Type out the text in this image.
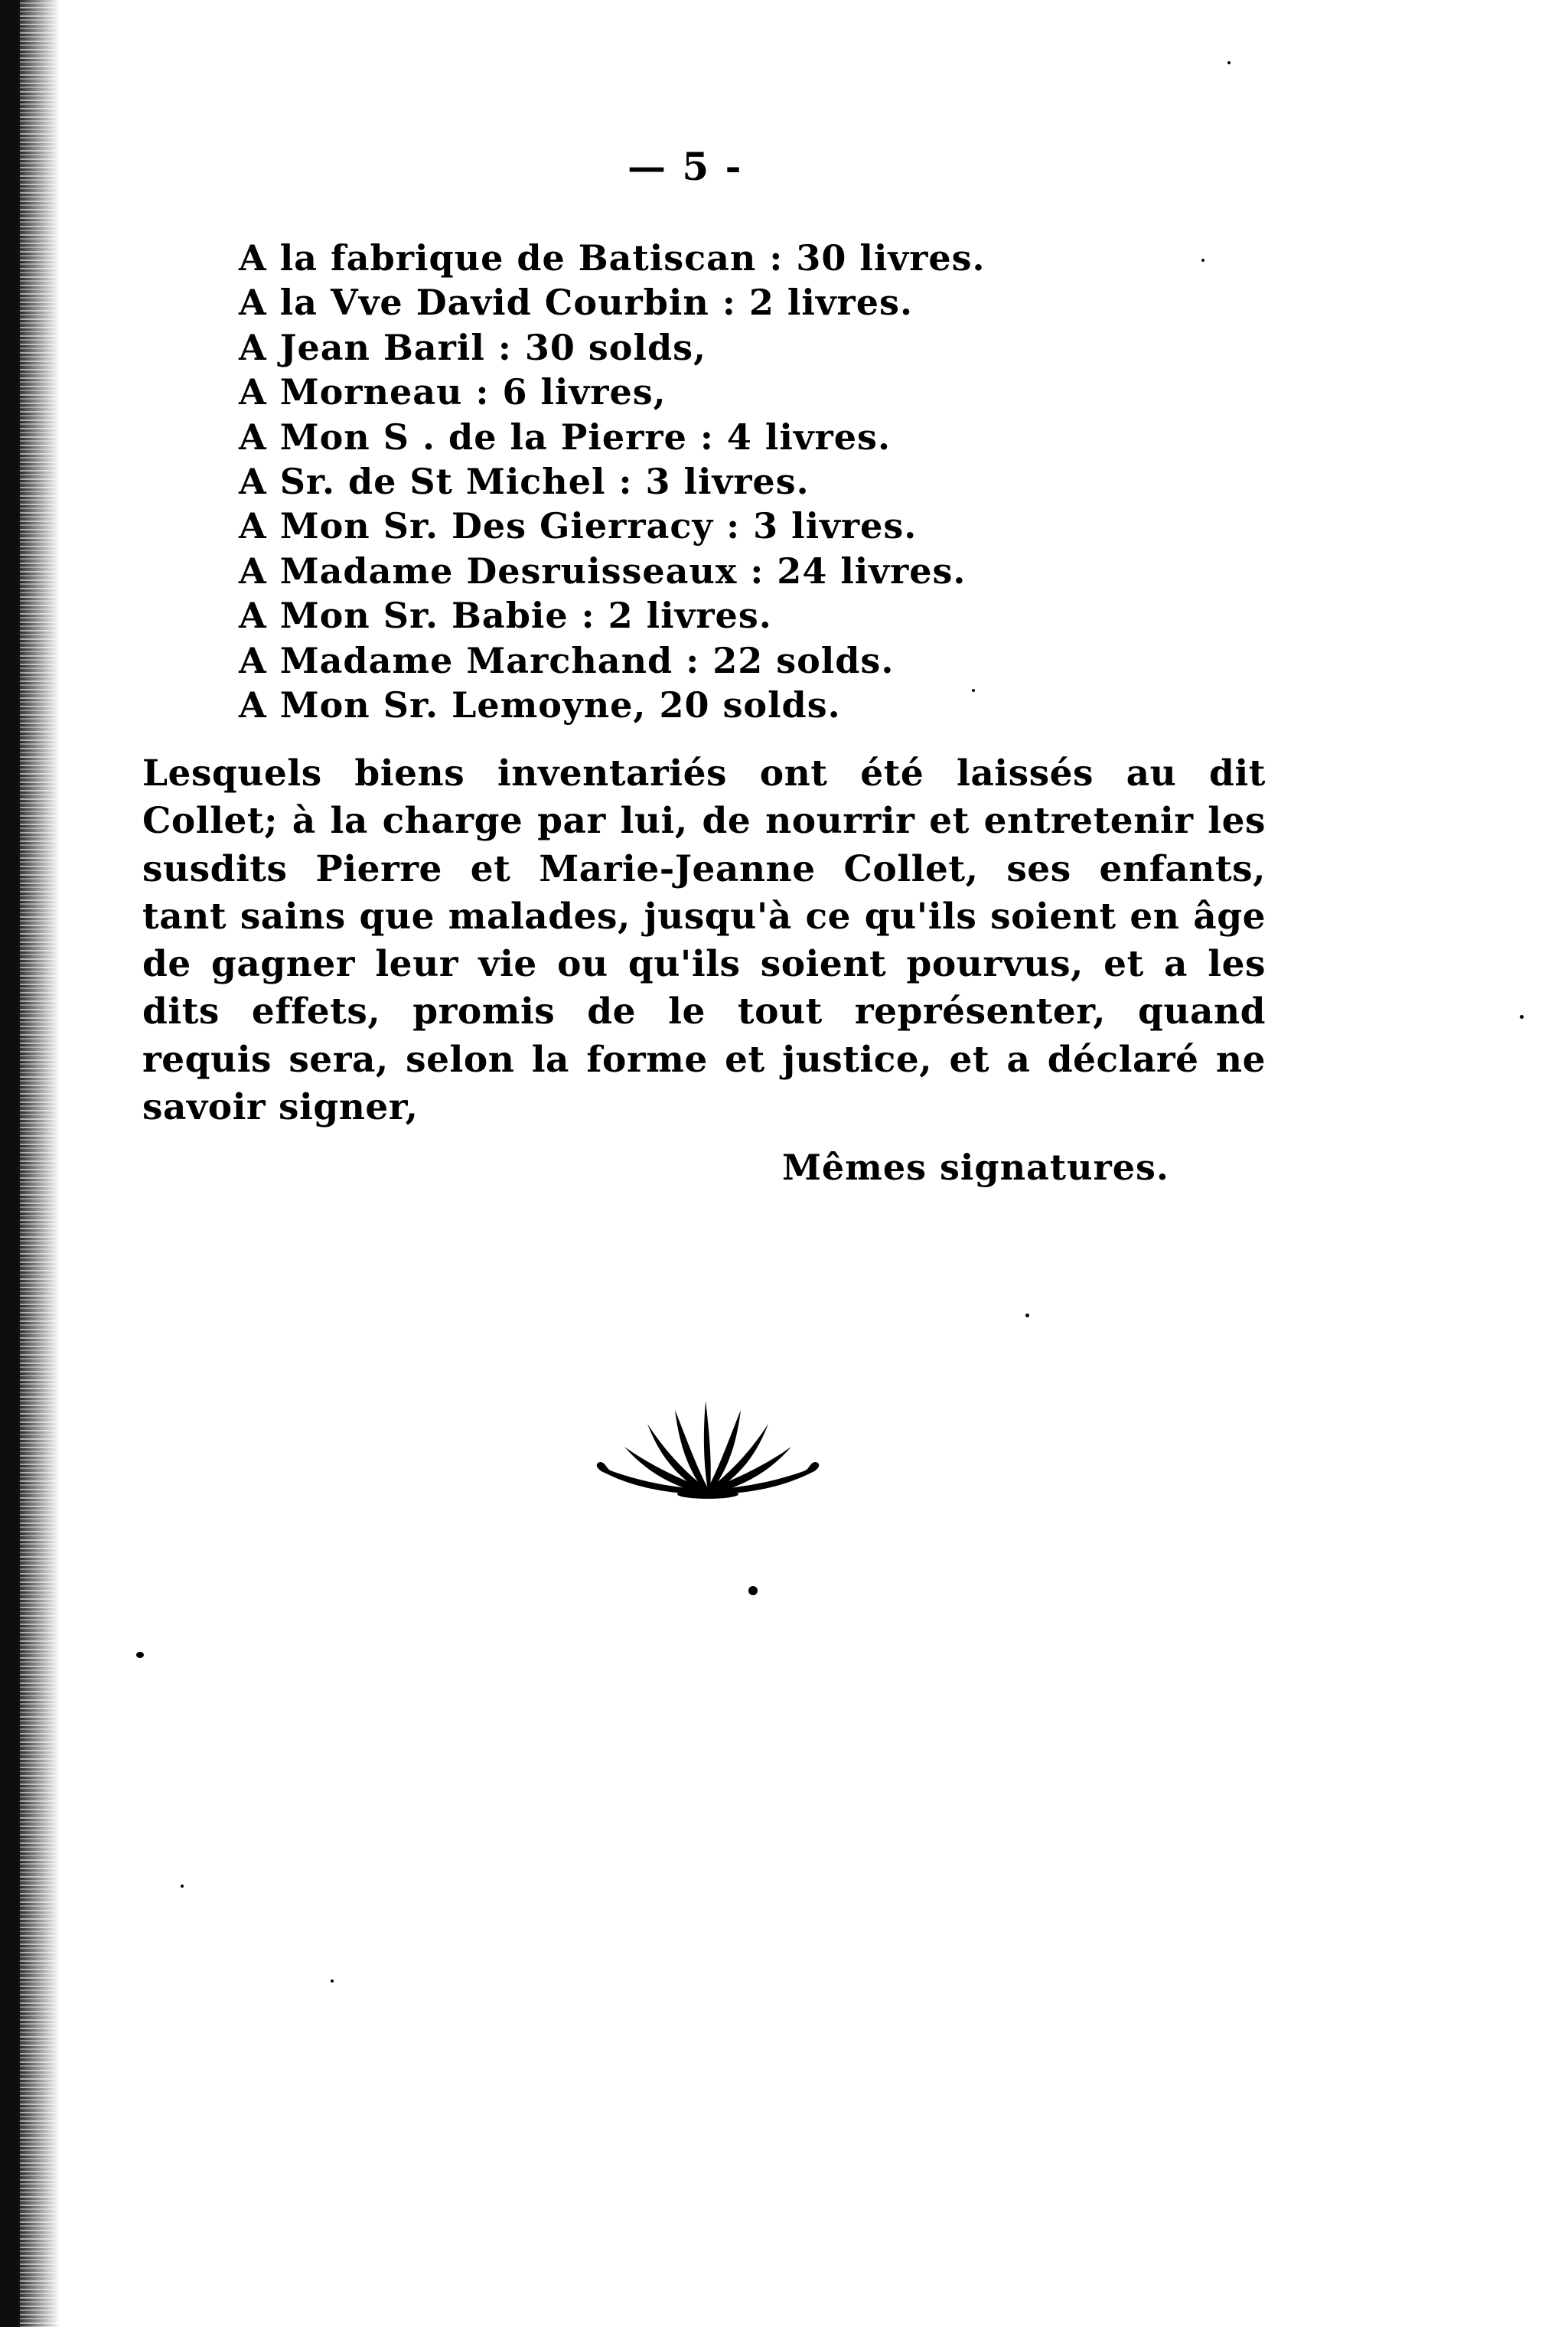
— 5 -
A la fabrique de Batiscan : 30 livres.
A la Vve David Courbin : 2 livres.
A Jean Baril : 30 solds,
A Morneau : 6 livres,
A Mon S . de la Pierre : 4 livres.
A Sr. de St Michel : 3 livres.
A Mon Sr. Des Gierracy : 3 livres.
A Madame Desruisseaux : 24 livres.
A Mon Sr. Babie : 2 livres.
A Madame Marchand : 22 solds.
A Mon Sr. Lemoyne, 20 solds.

Lesquels biens inventariés ont été laissés au dit Collet; à la charge par lui, de nourrir et entretenir les susdits Pierre et Marie-Jeanne Collet, ses enfants, tant sains que malades, jusqu'à ce qu'ils soient en âge de gagner leur vie ou qu'ils soient pourvus, et a les dits effets, promis de le tout représenter, quand requis sera, selon la forme et justice, et a déclaré ne savoir signer,

Mêmes signatures.
